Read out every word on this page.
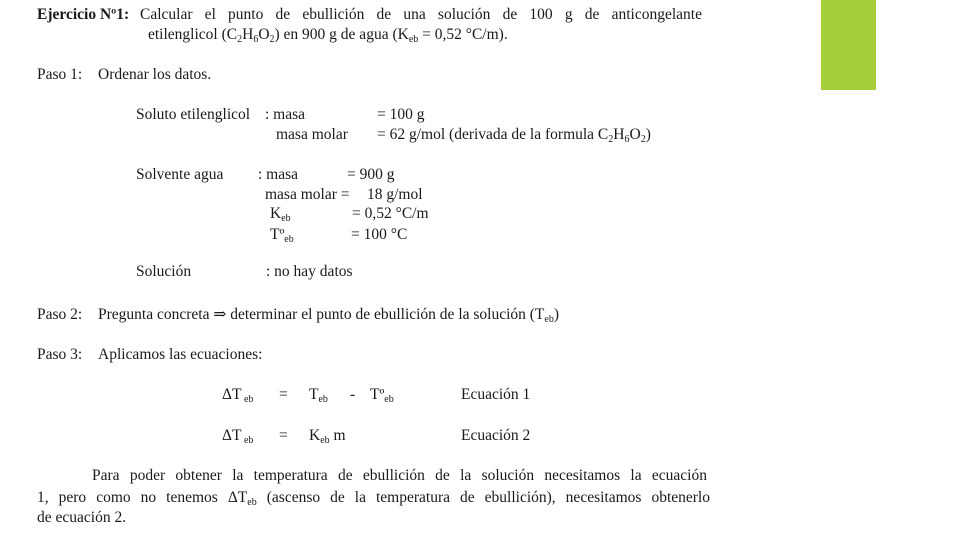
Ejercicio Nº1: Calcular el punto de ebullición de una solución de 100 g de anticongelante
etilenglicol $(C_2H_6O_2)$ en 900 g de agua ($K_{eb} = 0,52$ °C/m).
Paso 1: Ordenar los datos.
Soluto etilenglicol : masa	= 100 g
masa molar = 62 g/mol (derivada de la formula $C_2H_6O_2$)
Solvente agua : masa	= 900 g
masa molar = 18 g/mol
$K_{eb}$	= 0,52 °C/m
Tº$_{eb}$	= 100 °C
Solución	: no hay datos
Paso 2: Pregunta concreta ⇒ determinar el punto de ebullición de la solución $(T_{eb})$
Paso 3: Aplicamos las ecuaciones:
ΔT $_{eb} = T_{eb}$ - Tº$_{eb}$	Ecuación 1
ΔT $_{eb} = K_{eb}$ m	Ecuación 2
Para poder obtener la temperatura de ebullición de la solución necesitamos la ecuación
1, pero como no tenemos $\Delta T_{eb}$ (ascenso de la temperatura de ebullición), necesitamos obtenerlo
de ecuación 2.
